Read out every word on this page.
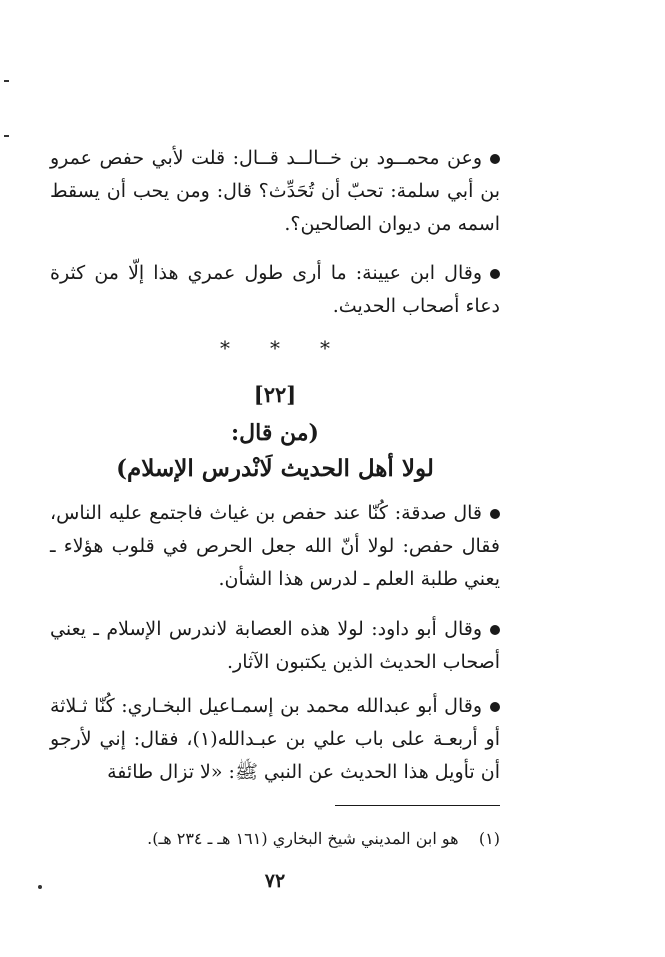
وعن محمــود بن خــالــد قــال: قلت لأبي حفص عمرو بن أبي سلمة: تحبّ أن تُحَدِّث؟ قال: ومن يحب أن يسقط اسمه من ديوان الصالحين؟.

وقال ابن عيينة: ما أرى طول عمري هذا إلّا من كثرة دعاء أصحاب الحديث.

* * *
[٢٢]
(من قال:
لولا أهل الحديث لَانْدرس الإسلام)

قال صدقة: كُنّا عند حفص بن غياث فاجتمع عليه الناس، فقال حفص: لولا أنّ الله جعل الحرص في قلوب هؤلاء ـ يعني طلبة العلم ـ لدرس هذا الشأن.

وقال أبو داود: لولا هذه العصابة لاندرس الإسلام ـ يعني أصحاب الحديث الذين يكتبون الآثار.

وقال أبو عبدالله محمد بن إسمـاعيل البخـاري: كُنّا ثـلاثة أو أربعـة على باب علي بن عبـدالله(١)، فقال: إني لأرجو أن تأويل هذا الحديث عن النبي ﷺ: «لا تزال طائفة

(١)    هو ابن المديني شيخ البخاري (١٦١ هـ ـ ٢٣٤ هـ).
٧٢
